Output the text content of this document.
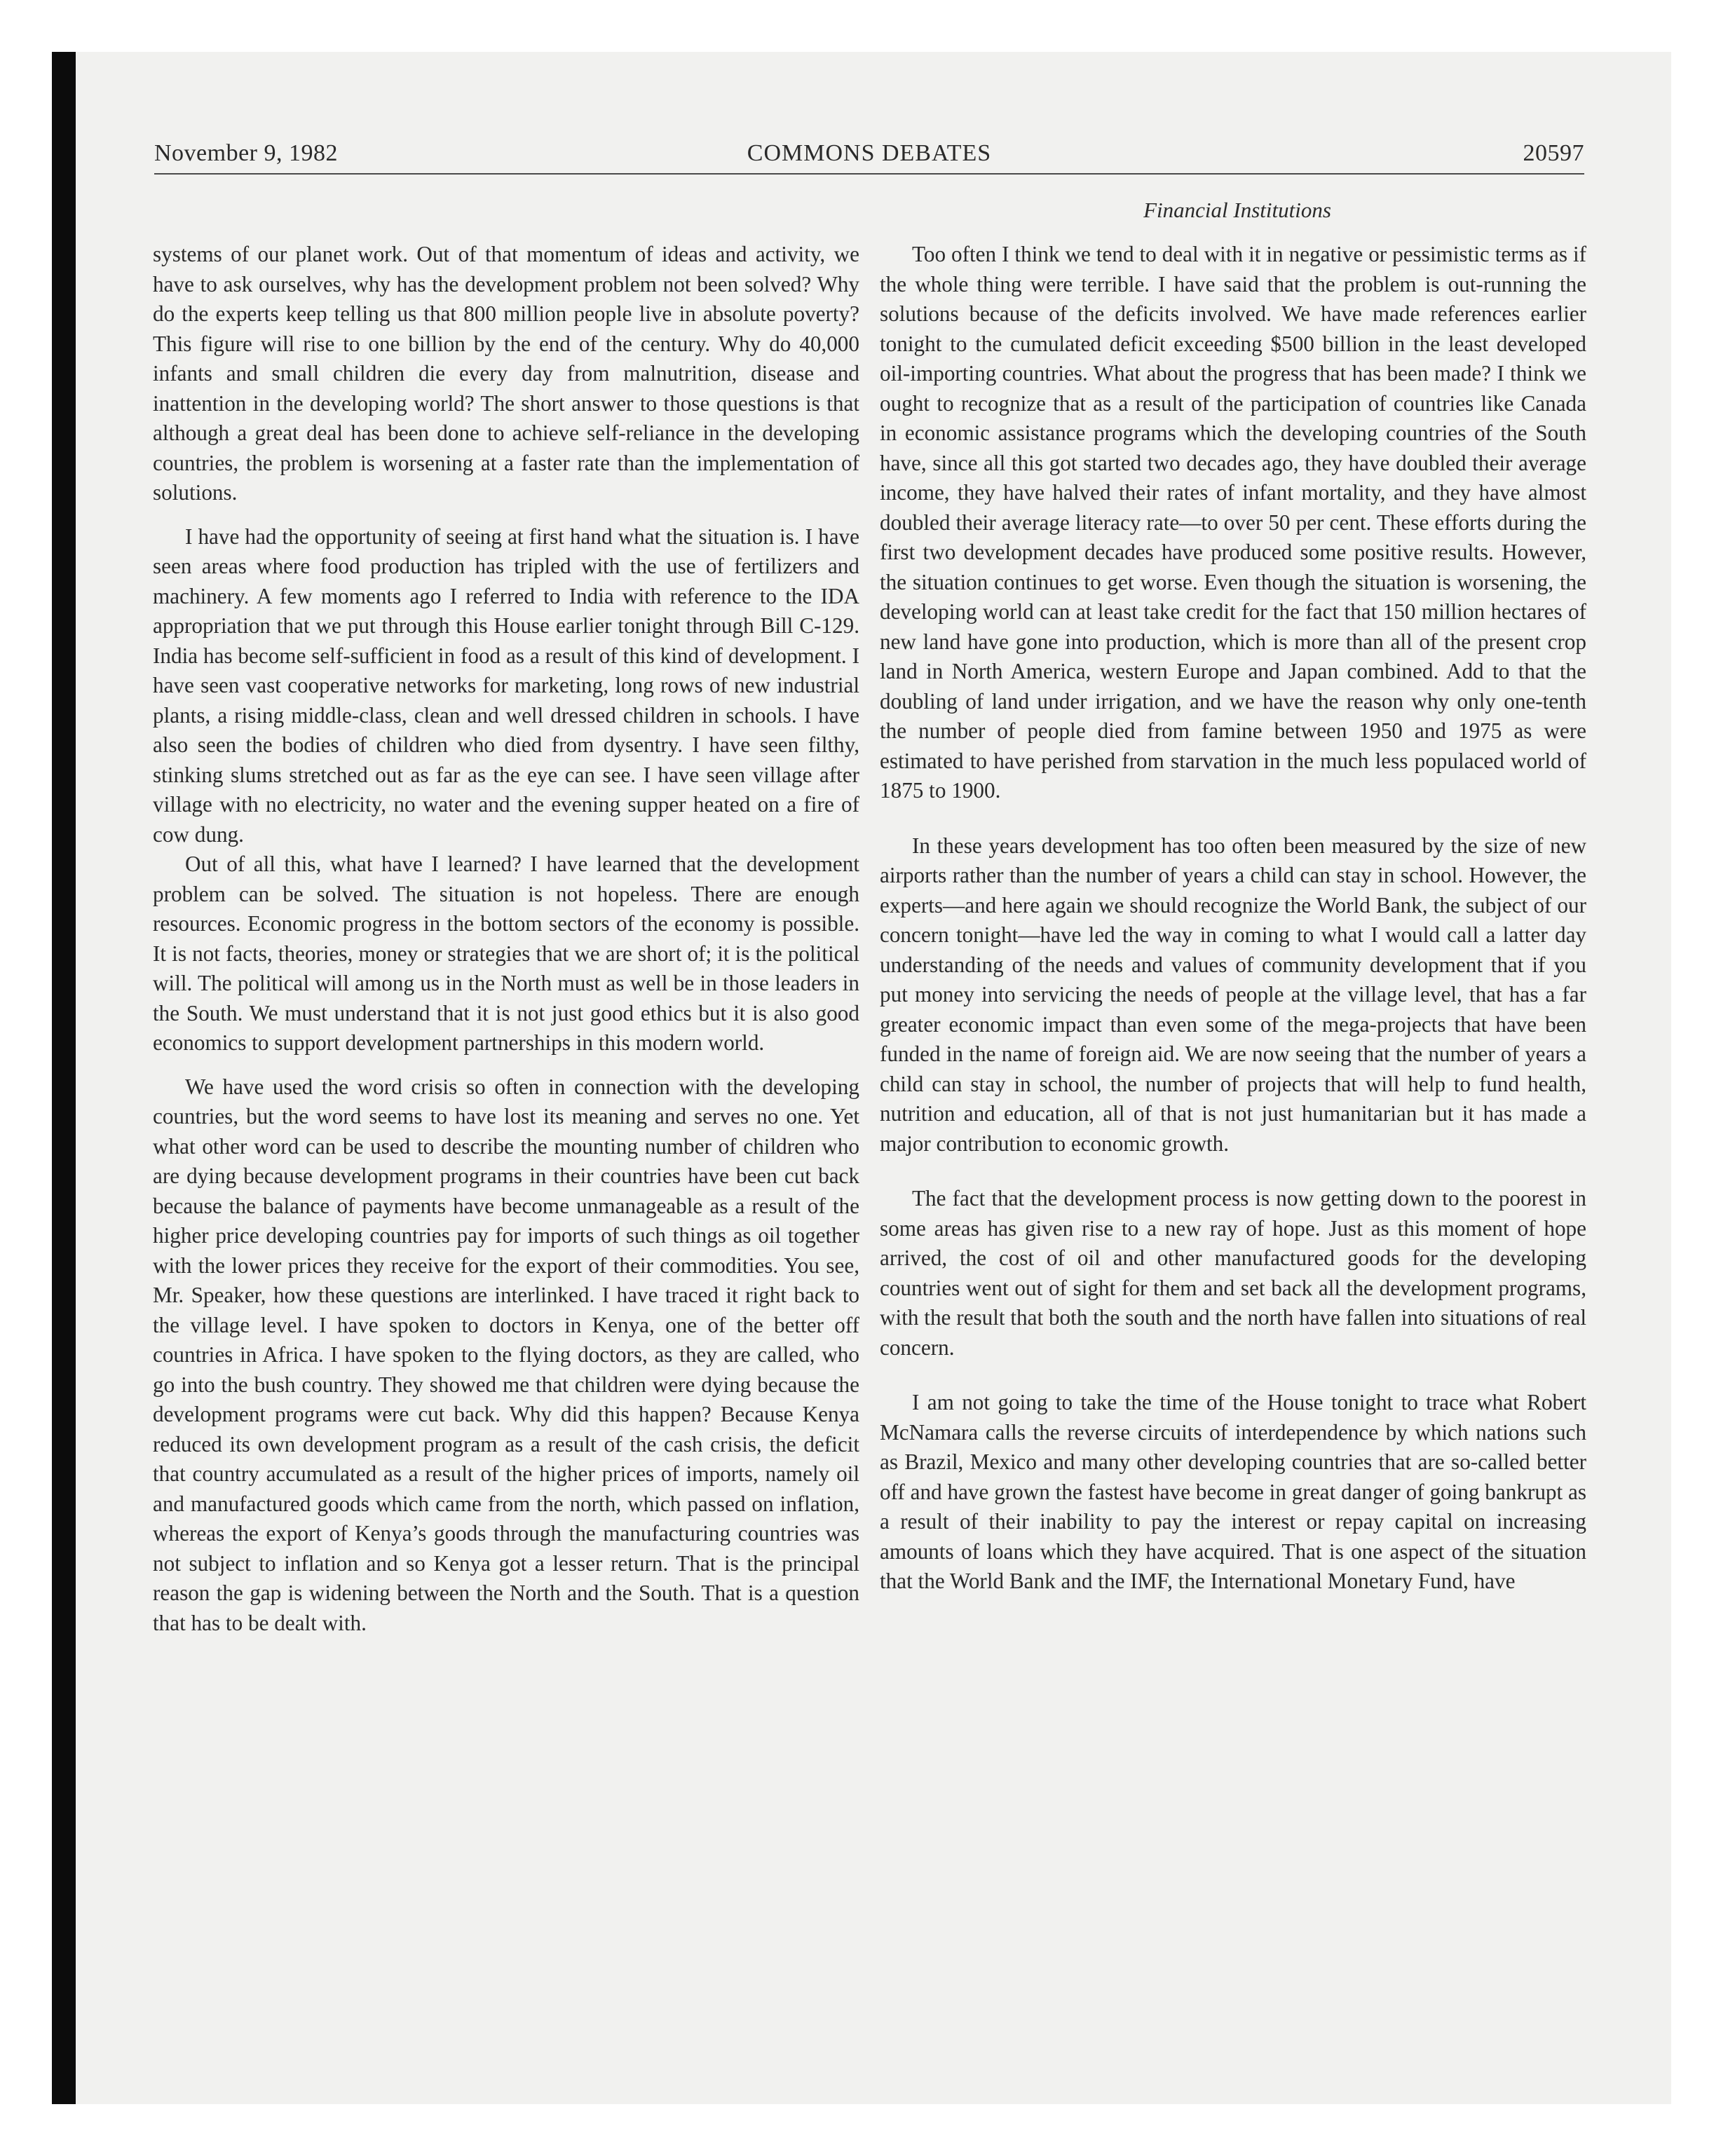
November 9, 1982	COMMONS DEBATES	20597
Financial Institutions

systems of our planet work. Out of that momentum of ideas and activity, we have to ask ourselves, why has the development problem not been solved? Why do the experts keep telling us that 800 million people live in absolute poverty? This figure will rise to one billion by the end of the century. Why do 40,000 infants and small children die every day from malnutrition, disease and inattention in the developing world? The short answer to those questions is that although a great deal has been done to achieve self-reliance in the developing countries, the problem is worsening at a faster rate than the implementation of solutions.

I have had the opportunity of seeing at first hand what the situation is. I have seen areas where food production has tripled with the use of fertilizers and machinery. A few moments ago I referred to India with reference to the IDA appropriation that we put through this House earlier tonight through Bill C-129. India has become self-sufficient in food as a result of this kind of development. I have seen vast cooperative networks for marketing, long rows of new industrial plants, a rising middle-class, clean and well dressed children in schools. I have also seen the bodies of children who died from dysentry. I have seen filthy, stinking slums stretched out as far as the eye can see. I have seen village after village with no electricity, no water and the evening supper heated on a fire of cow dung.

Out of all this, what have I learned? I have learned that the development problem can be solved. The situation is not hopeless. There are enough resources. Economic progress in the bottom sectors of the economy is possible. It is not facts, theories, money or strategies that we are short of; it is the political will. The political will among us in the North must as well be in those leaders in the South. We must understand that it is not just good ethics but it is also good economics to support development partnerships in this modern world.

We have used the word crisis so often in connection with the developing countries, but the word seems to have lost its meaning and serves no one. Yet what other word can be used to describe the mounting number of children who are dying because development programs in their countries have been cut back because the balance of payments have become unmanageable as a result of the higher price developing countries pay for imports of such things as oil together with the lower prices they receive for the export of their commodities. You see, Mr. Speaker, how these questions are interlinked. I have traced it right back to the village level. I have spoken to doctors in Kenya, one of the better off countries in Africa. I have spoken to the flying doctors, as they are called, who go into the bush country. They showed me that children were dying because the development programs were cut back. Why did this happen? Because Kenya reduced its own development program as a result of the cash crisis, the deficit that country accumulated as a result of the higher prices of imports, namely oil and manufactured goods which came from the north, which passed on inflation, whereas the export of Kenya’s goods through the manufacturing countries was not subject to inflation and so Kenya got a lesser return. That is the principal reason the gap is widening between the North and the South. That is a question that has to be dealt with.

Too often I think we tend to deal with it in negative or pessimistic terms as if the whole thing were terrible. I have said that the problem is out-running the solutions because of the deficits involved. We have made references earlier tonight to the cumulated deficit exceeding $500 billion in the least developed oil-importing countries. What about the progress that has been made? I think we ought to recognize that as a result of the participation of countries like Canada in economic assistance programs which the developing countries of the South have, since all this got started two decades ago, they have doubled their average income, they have halved their rates of infant mortality, and they have almost doubled their average literacy rate—to over 50 per cent. These efforts during the first two development decades have produced some positive results. However, the situation continues to get worse. Even though the situation is worsening, the developing world can at least take credit for the fact that 150 million hectares of new land have gone into production, which is more than all of the present crop land in North America, western Europe and Japan combined. Add to that the doubling of land under irrigation, and we have the reason why only one-tenth the number of people died from famine between 1950 and 1975 as were estimated to have perished from starvation in the much less populaced world of 1875 to 1900.

In these years development has too often been measured by the size of new airports rather than the number of years a child can stay in school. However, the experts—and here again we should recognize the World Bank, the subject of our concern tonight—have led the way in coming to what I would call a latter day understanding of the needs and values of community development that if you put money into servicing the needs of people at the village level, that has a far greater economic impact than even some of the mega-projects that have been funded in the name of foreign aid. We are now seeing that the number of years a child can stay in school, the number of projects that will help to fund health, nutrition and education, all of that is not just humanitarian but it has made a major contribution to economic growth.

The fact that the development process is now getting down to the poorest in some areas has given rise to a new ray of hope. Just as this moment of hope arrived, the cost of oil and other manufactured goods for the developing countries went out of sight for them and set back all the development programs, with the result that both the south and the north have fallen into situations of real concern.

I am not going to take the time of the House tonight to trace what Robert McNamara calls the reverse circuits of interdependence by which nations such as Brazil, Mexico and many other developing countries that are so-called better off and have grown the fastest have become in great danger of going bankrupt as a result of their inability to pay the interest or repay capital on increasing amounts of loans which they have acquired. That is one aspect of the situation that the World Bank and the IMF, the International Monetary Fund, have
